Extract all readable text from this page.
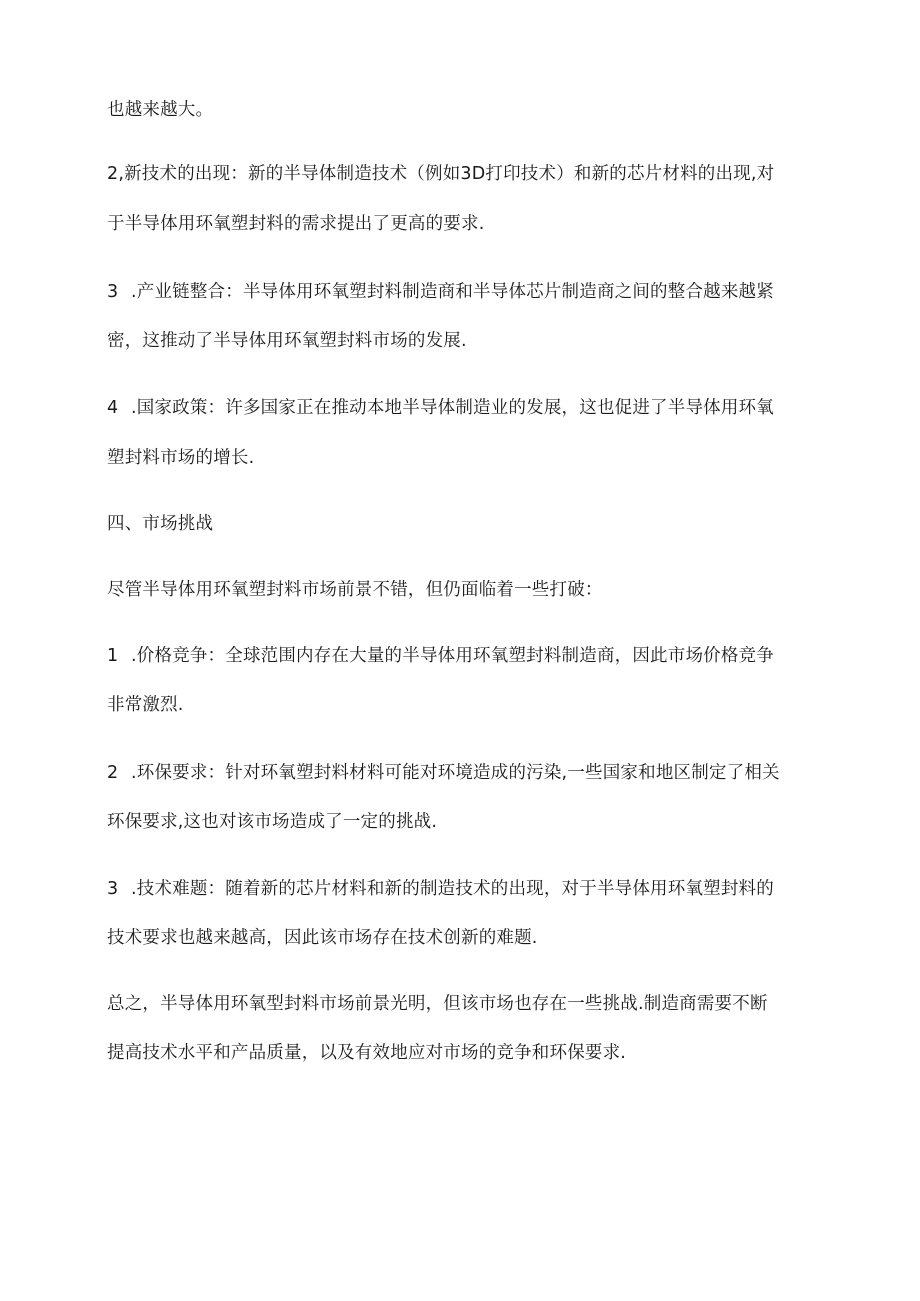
也越来越大。
2,新技术的出现：新的半导体制造技术（例如3D打印技术）和新的芯片材料的出现,对
于半导体用环氧塑封料的需求提出了更高的要求.
3 .产业链整合：半导体用环氧塑封料制造商和半导体芯片制造商之间的整合越来越紧
密，这推动了半导体用环氧塑封料市场的发展.
4 .国家政策：许多国家正在推动本地半导体制造业的发展，这也促进了半导体用环氧
塑封料市场的增长.
四、市场挑战
尽管半导体用环氧塑封料市场前景不错，但仍面临着一些打破：
1 .价格竞争：全球范围内存在大量的半导体用环氧塑封料制造商，因此市场价格竞争
非常激烈.
2 .环保要求：针对环氧塑封料材料可能对环境造成的污染,一些国家和地区制定了相关
环保要求,这也对该市场造成了一定的挑战.
3 .技术难题：随着新的芯片材料和新的制造技术的出现，对于半导体用环氧塑封料的
技术要求也越来越高，因此该市场存在技术创新的难题.
总之，半导体用环氧型封料市场前景光明，但该市场也存在一些挑战.制造商需要不断
提高技术水平和产品质量，以及有效地应对市场的竞争和环保要求.
